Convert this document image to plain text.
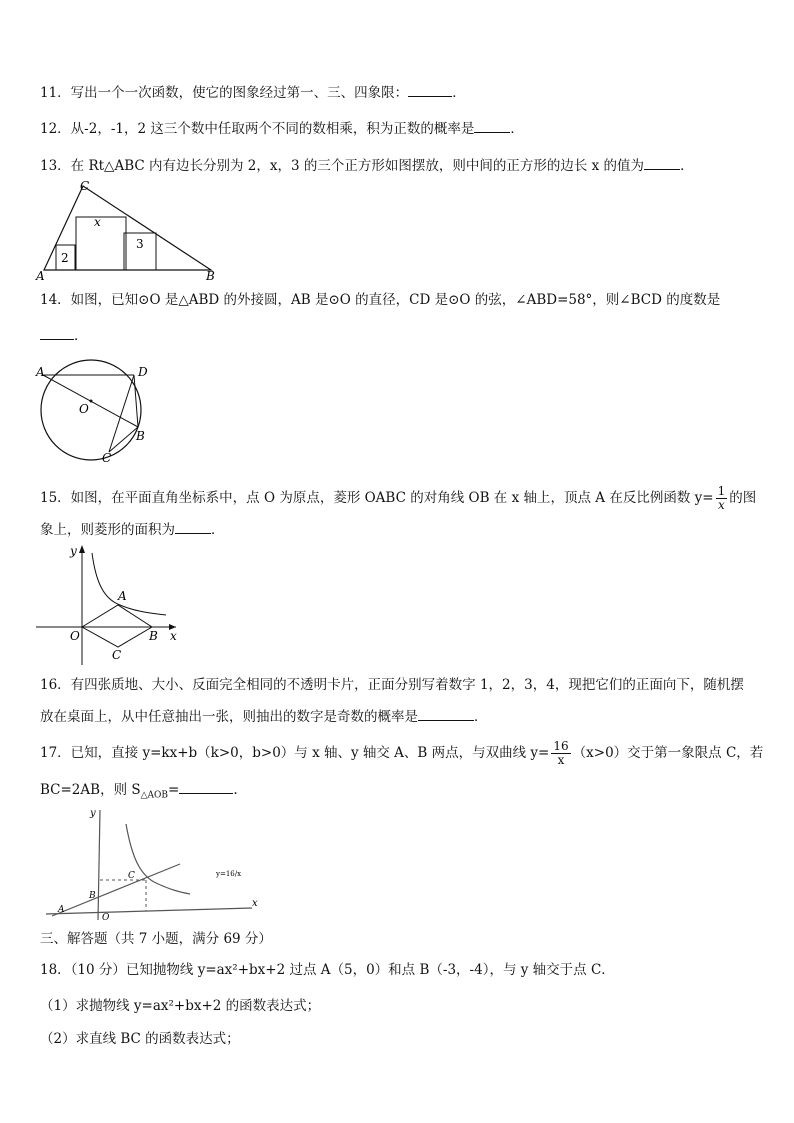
11．写出一个一次函数，使它的图象经过第一、三、四象限：	．
12．从-2，-1，2 这三个数中任取两个不同的数相乘，积为正数的概率是	．
13．在 Rt△ABC 内有边长分别为 2，x，3 的三个正方形如图摆放，则中间的正方形的边长 x 的值为	．
C
A	B
x
2
3
14．如图，已知⊙O 是△ABD 的外接圆，AB 是⊙O 的直径，CD 是⊙O 的弦，∠ABD=58°，则∠BCD 的度数是
．
A	D
O
B
C
15．如图，在平面直角坐标系中，点 O 为原点，菱形 OABC 的对角线 OB 在 x 轴上，顶点 A 在反比例函数 $y= \frac{1}{x}$ 的图
象上，则菱形的面积为	．
y
x
O
A
B
C
16．有四张质地、大小、反面完全相同的不透明卡片，正面分别写着数字 1，2，3，4，现把它们的正面向下，随机摆
放在桌面上，从中任意抽出一张，则抽出的数字是奇数的概率是	．
17．已知，直接 y=kx+b（k>0，b>0）与 x 轴、y 轴交 A、B 两点，与双曲线 $y= \frac{16}{x} (x>0)$交于第一象限点 C，若
BC=2AB，则 $S_{\triangle AOB}=$	.
y
x
O
A
B
C	y=16/x
三、解答题（共 7 小题，满分 69 分）
18．（10 分）已知抛物线 y=ax²+bx+2 过点 A（5，0）和点 B（-3，-4），与 y 轴交于点 C．
（1）求抛物线 y=ax²+bx+2 的函数表达式；
（2）求直线 BC 的函数表达式；
